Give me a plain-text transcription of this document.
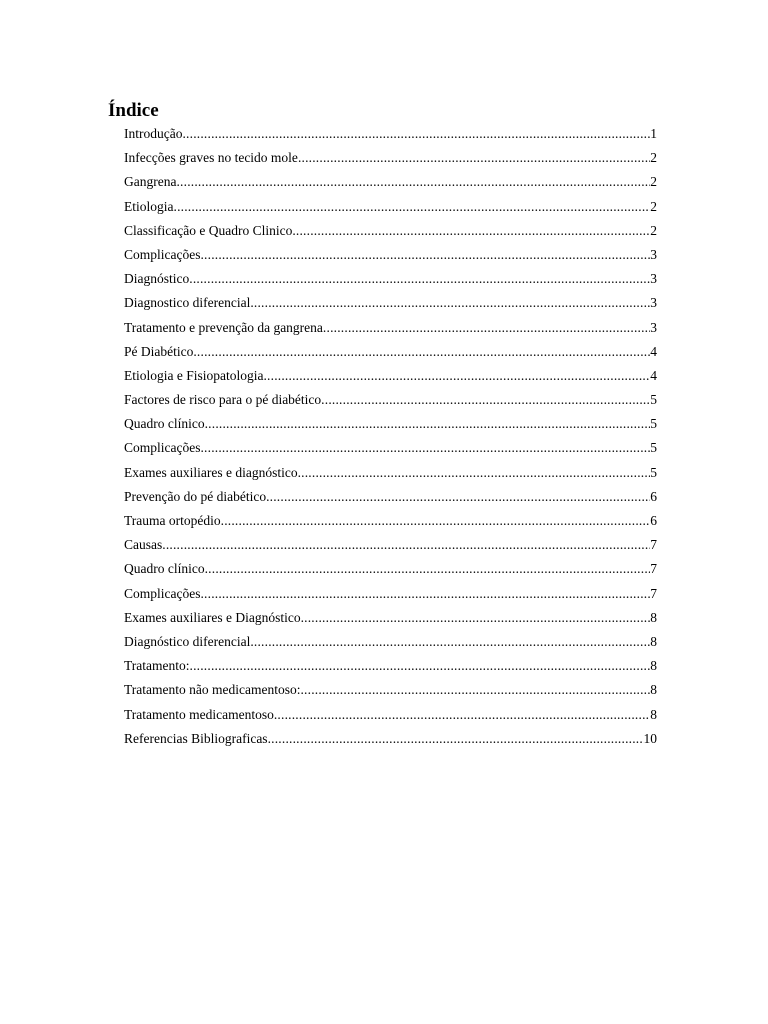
Índice
Introdução .....	1
Infecções graves no tecido mole .....	2
Gangrena .....	2
Etiologia .....	2
Classificação e Quadro Clinico .....	2
Complicações .....	3
Diagnóstico .....	3
Diagnostico diferencial .....	3
Tratamento e prevenção da gangrena .....	3
Pé Diabético .....	4
Etiologia e Fisiopatologia .....	4
Factores de risco para o pé diabético .....	5
Quadro clínico .....	5
Complicações .....	5
Exames auxiliares e diagnóstico .....	5
Prevenção do pé diabético .....	6
Trauma ortopédio .....	6
Causas .....	7
Quadro clínico .....	7
Complicações .....	7
Exames auxiliares e Diagnóstico .....	8
Diagnóstico diferencial .....	8
Tratamento: .....	8
Tratamento não medicamentoso: .....	8
Tratamento medicamentoso .....	8
Referencias Bibliograficas .....	10
